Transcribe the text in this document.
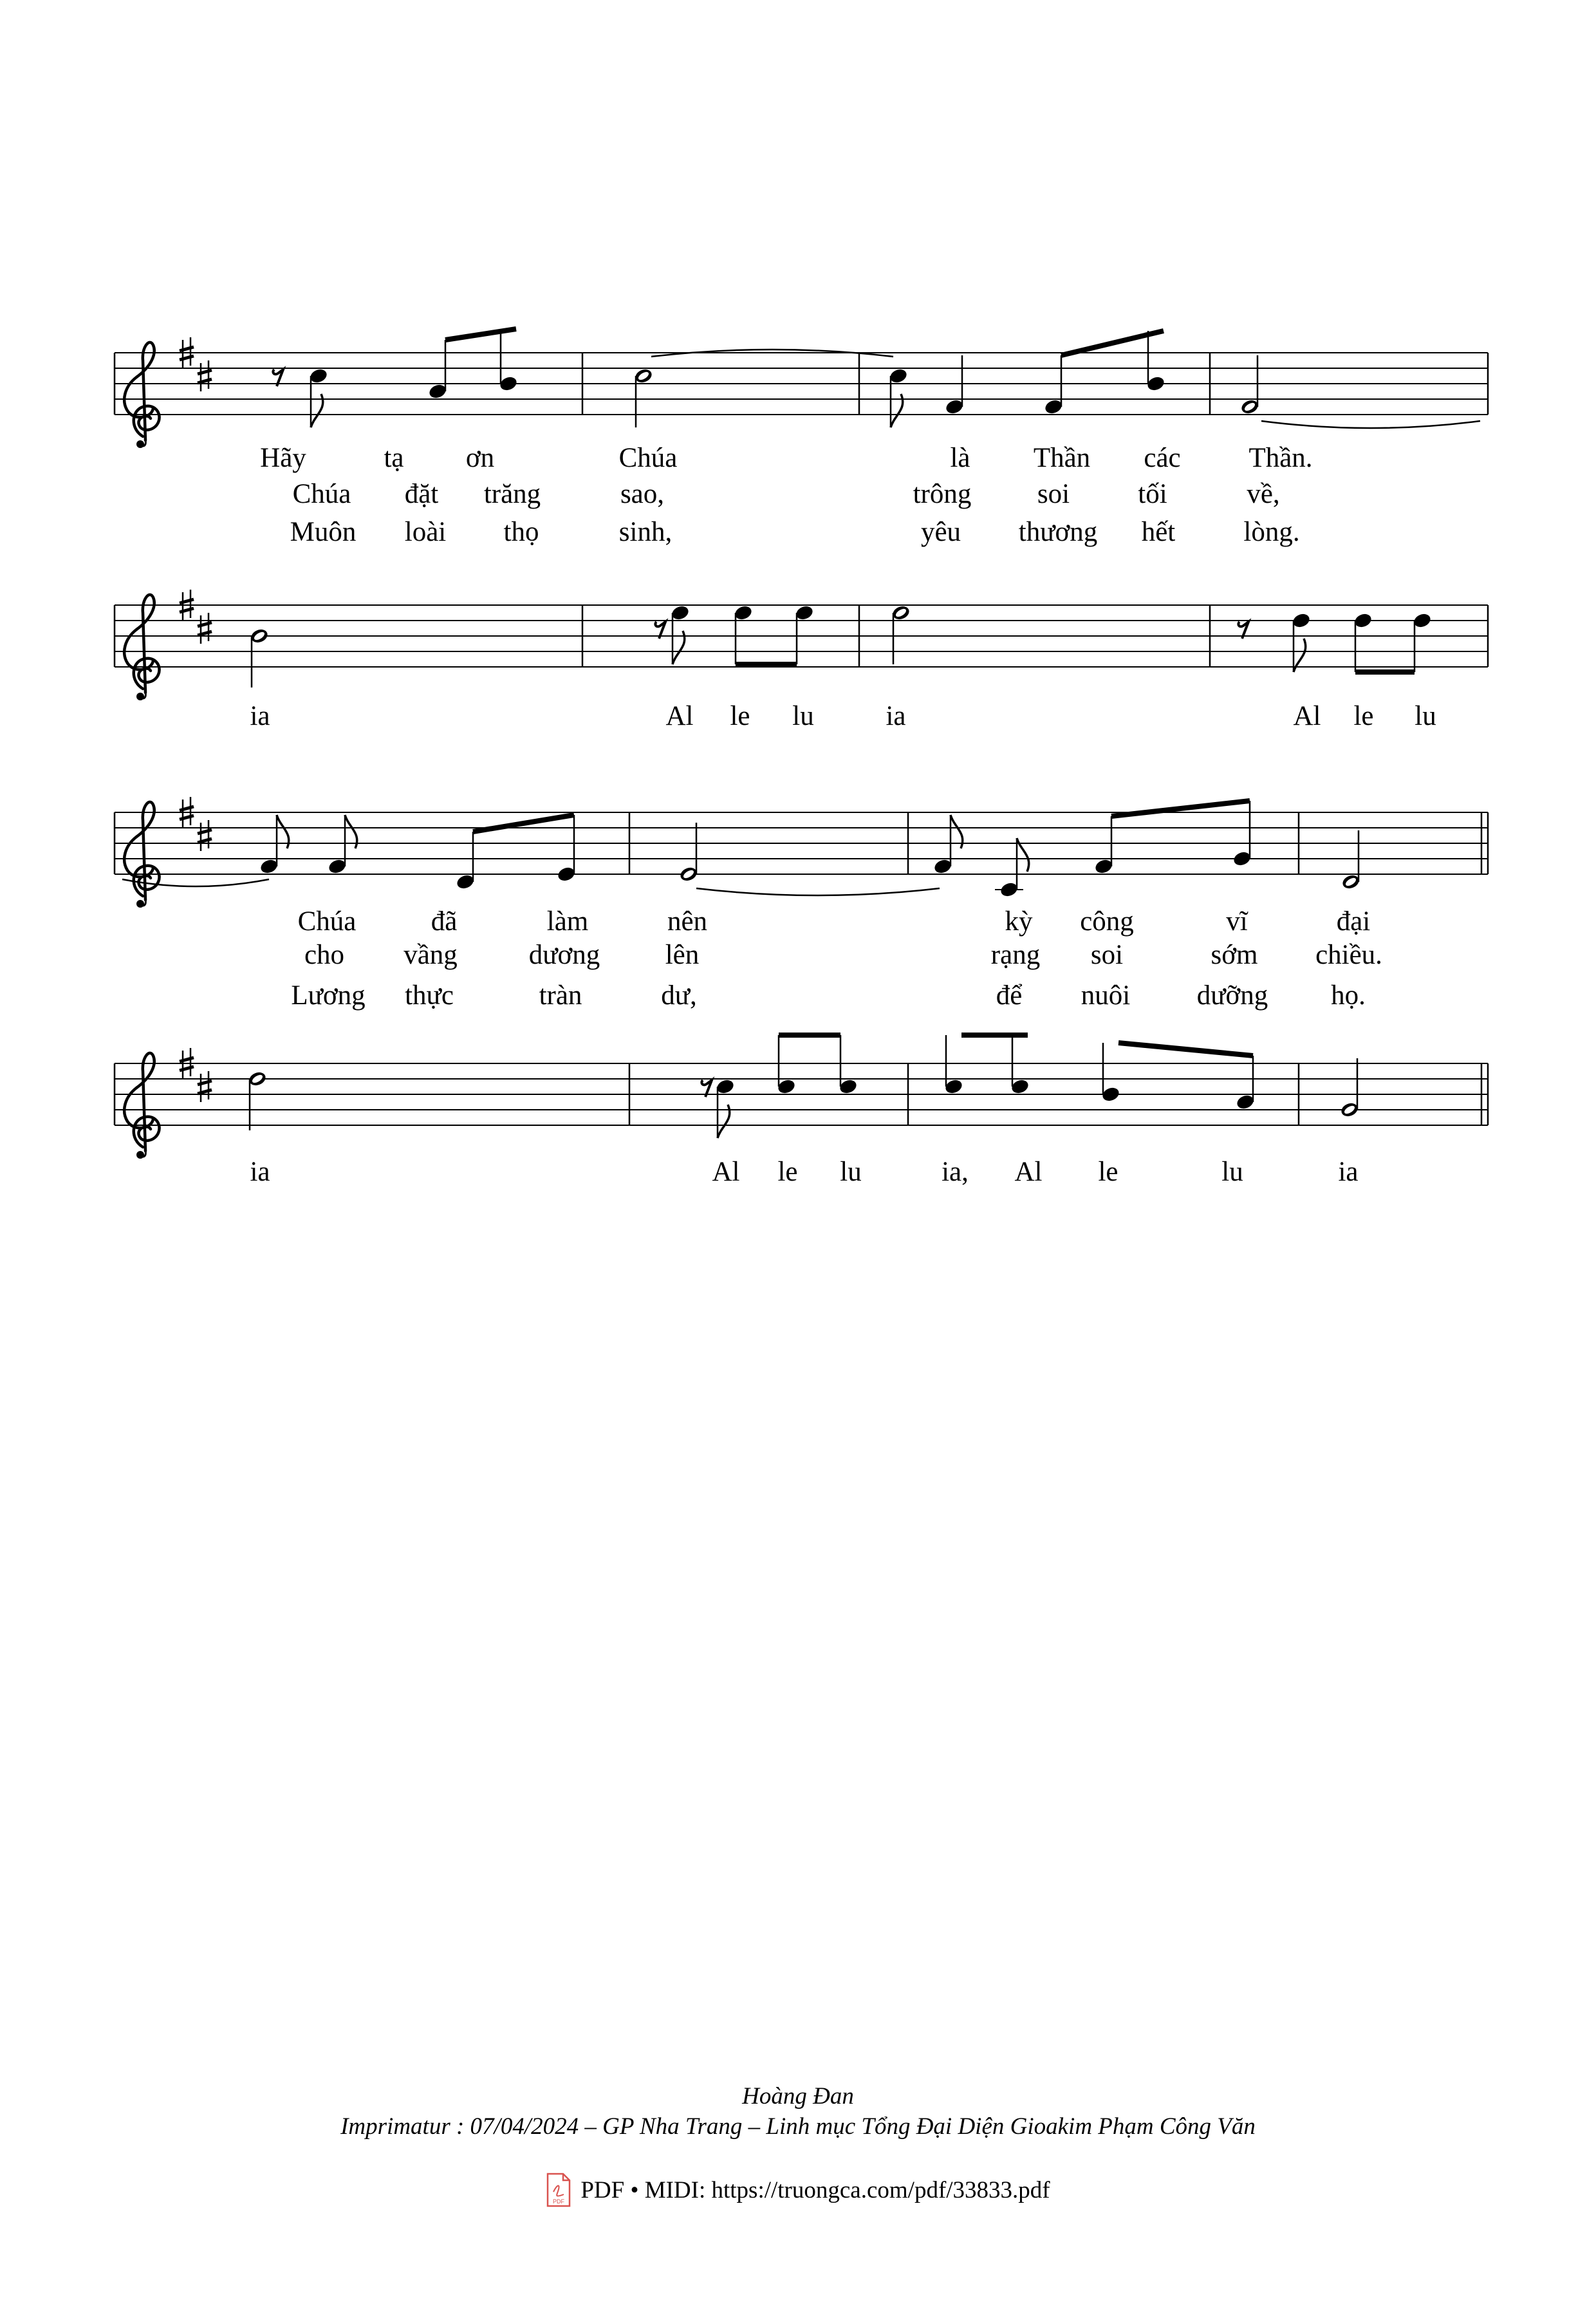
Hãy	tạ ơn	Chúa	là Thần các Thần.
Chúa đặt trăng	sao,	trông soi tối	về,
Muôn loài thọ	sinh,	yêu thương hết lòng.
ia	Al le lu	ia	Al le lu
Chúa	đã	làm	nên	kỳ công	vĩ	đại
cho vầng	dương lên	rạng soi	sớm chiều.
Lương thực	tràn	dư,	để nuôi dưỡng họ.
ia	Al le lu	ia, Al le	lu	ia
Hoàng Đan
Imprimatur : 07/04/2024 – GP Nha Trang – Linh mục Tổng Đại Diện Gioakim Phạm Công Văn
PDF PDF • MIDI: https://truongca.com/pdf/33833.pdf
